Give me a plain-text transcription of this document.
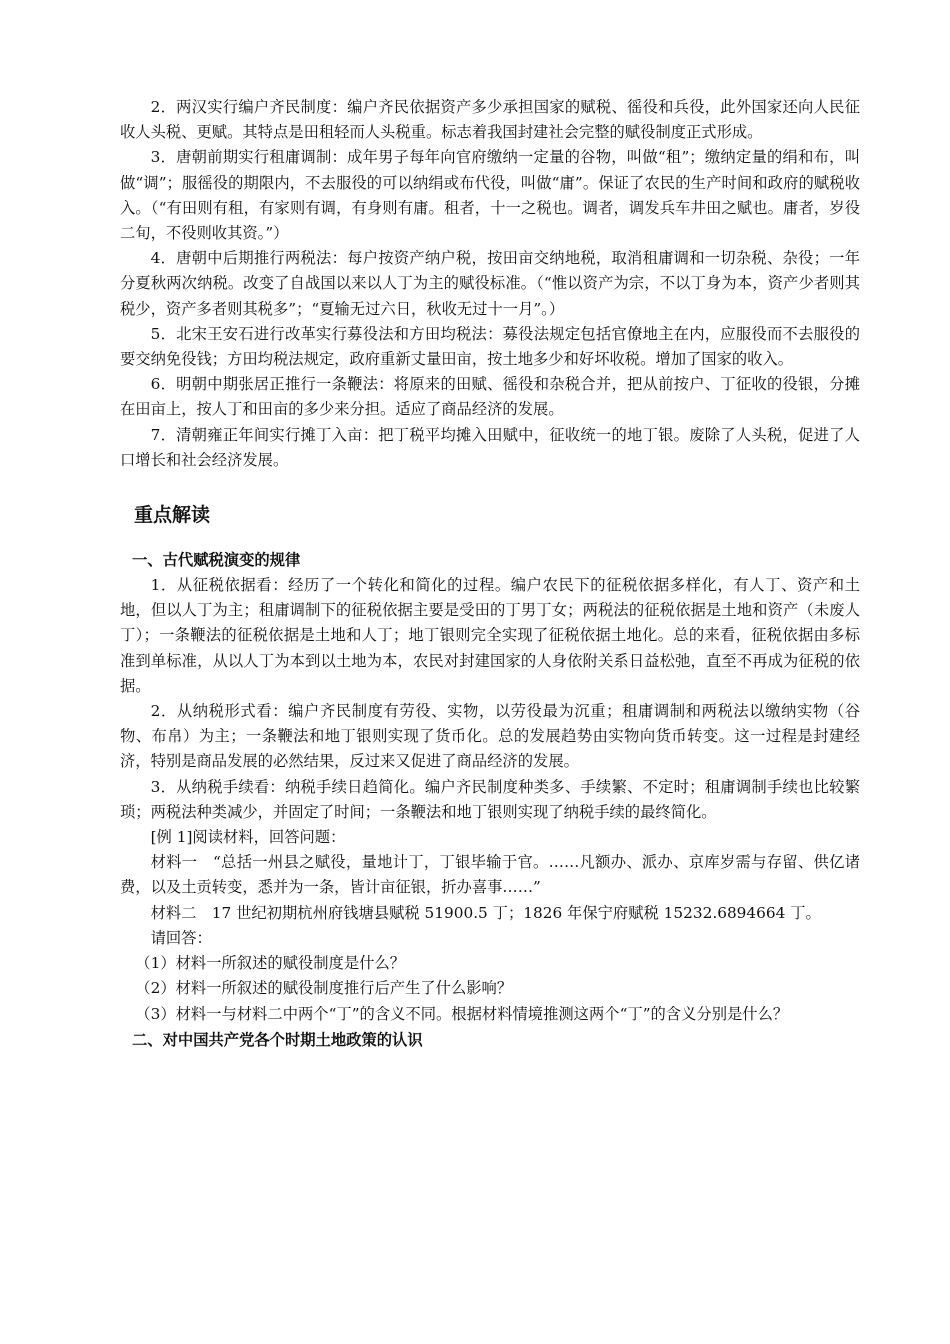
2．两汉实行编户齐民制度：编户齐民依据资产多少承担国家的赋税、徭役和兵役，此外国家还向人民征收人头税、更赋。其特点是田租轻而人头税重。标志着我国封建社会完整的赋役制度正式形成。

3．唐朝前期实行租庸调制：成年男子每年向官府缴纳一定量的谷物，叫做“租”；缴纳定量的绢和布，叫做“调”；服徭役的期限内，不去服役的可以纳绢或布代役，叫做“庸”。保证了农民的生产时间和政府的赋税收入。（“有田则有租，有家则有调，有身则有庸。租者，十一之税也。调者，调发兵车井田之赋也。庸者，岁役二旬，不役则收其资。”）

4．唐朝中后期推行两税法：每户按资产纳户税，按田亩交纳地税，取消租庸调和一切杂税、杂役；一年分夏秋两次纳税。改变了自战国以来以人丁为主的赋役标准。（“惟以资产为宗，不以丁身为本，资产少者则其税少，资产多者则其税多”；“夏输无过六日，秋收无过十一月”。）

5．北宋王安石进行改革实行募役法和方田均税法：募役法规定包括官僚地主在内，应服役而不去服役的要交纳免役钱；方田均税法规定，政府重新丈量田亩，按土地多少和好坏收税。增加了国家的收入。

6．明朝中期张居正推行一条鞭法：将原来的田赋、徭役和杂税合并，把从前按户、丁征收的役银，分摊在田亩上，按人丁和田亩的多少来分担。适应了商品经济的发展。

7．清朝雍正年间实行摊丁入亩：把丁税平均摊入田赋中，征收统一的地丁银。废除了人头税，促进了人口增长和社会经济发展。

重点解读
一、古代赋税演变的规律

1．从征税依据看：经历了一个转化和简化的过程。编户农民下的征税依据多样化，有人丁、资产和土地，但以人丁为主；租庸调制下的征税依据主要是受田的丁男丁女；两税法的征税依据是土地和资产（未废人丁）；一条鞭法的征税依据是土地和人丁；地丁银则完全实现了征税依据土地化。总的来看，征税依据由多标准到单标准，从以人丁为本到以土地为本，农民对封建国家的人身依附关系日益松弛，直至不再成为征税的依据。

2．从纳税形式看：编户齐民制度有劳役、实物，以劳役最为沉重；租庸调制和两税法以缴纳实物（谷物、布帛）为主；一条鞭法和地丁银则实现了货币化。总的发展趋势由实物向货币转变。这一过程是封建经济，特别是商品发展的必然结果，反过来又促进了商品经济的发展。

3．从纳税手续看：纳税手续日趋简化。编户齐民制度种类多、手续繁、不定时；租庸调制手续也比较繁琐；两税法种类减少，并固定了时间；一条鞭法和地丁银则实现了纳税手续的最终简化。

[例 1]阅读材料，回答问题：

材料一　“总括一州县之赋役，量地计丁，丁银毕输于官。……凡额办、派办、京库岁需与存留、供亿诸费，以及土贡转变，悉并为一条，皆计亩征银，折办喜事……”

材料二　17 世纪初期杭州府钱塘县赋税 51900.5 丁；1826 年保宁府赋税 15232.6894664 丁。

请回答：

（1）材料一所叙述的赋役制度是什么？

（2）材料一所叙述的赋役制度推行后产生了什么影响？

（3）材料一与材料二中两个“丁”的含义不同。根据材料情境推测这两个“丁”的含义分别是什么？

二、对中国共产党各个时期土地政策的认识
